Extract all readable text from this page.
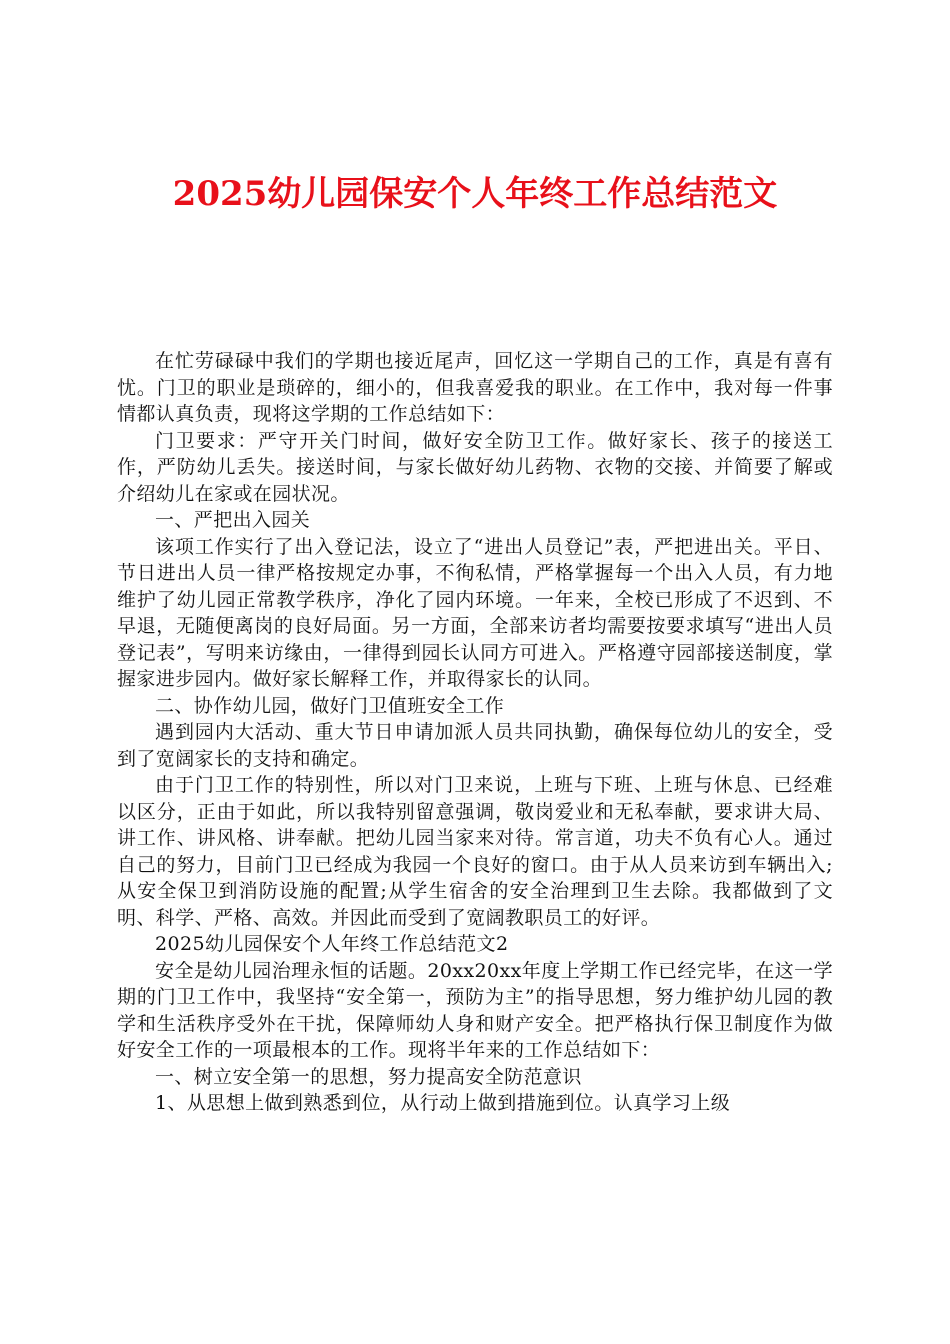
2025幼儿园保安个人年终工作总结范文

在忙劳碌碌中我们的学期也接近尾声，回忆这一学期自己的工作，真是有喜有忧。门卫的职业是琐碎的，细小的，但我喜爱我的职业。在工作中，我对每一件事情都认真负责，现将这学期的工作总结如下：

门卫要求：严守开关门时间，做好安全防卫工作。做好家长、孩子的接送工作，严防幼儿丢失。接送时间，与家长做好幼儿药物、衣物的交接、并简要了解或介绍幼儿在家或在园状况。

一、严把出入园关

该项工作实行了出入登记法，设立了“进出人员登记”表，严把进出关。平日、节日进出人员一律严格按规定办事，不徇私情，严格掌握每一个出入人员，有力地维护了幼儿园正常教学秩序，净化了园内环境。一年来，全校已形成了不迟到、不早退，无随便离岗的良好局面。另一方面，全部来访者均需要按要求填写“进出人员登记表”，写明来访缘由，一律得到园长认同方可进入。严格遵守园部接送制度，掌握家进步园内。做好家长解释工作，并取得家长的认同。

二、协作幼儿园，做好门卫值班安全工作

遇到园内大活动、重大节日申请加派人员共同执勤，确保每位幼儿的安全，受到了宽阔家长的支持和确定。

由于门卫工作的特别性，所以对门卫来说，上班与下班、上班与休息、已经难以区分，正由于如此，所以我特别留意强调，敬岗爱业和无私奉献，要求讲大局、讲工作、讲风格、讲奉献。把幼儿园当家来对待。常言道，功夫不负有心人。通过自己的努力，目前门卫已经成为我园一个良好的窗口。由于从人员来访到车辆出入;从安全保卫到消防设施的配置;从学生宿舍的安全治理到卫生去除。我都做到了文明、科学、严格、高效。并因此而受到了宽阔教职员工的好评。

2025幼儿园保安个人年终工作总结范文2

安全是幼儿园治理永恒的话题。20xx20xx年度上学期工作已经完毕，在这一学期的门卫工作中，我坚持“安全第一，预防为主”的指导思想，努力维护幼儿园的教学和生活秩序受外在干扰，保障师幼人身和财产安全。把严格执行保卫制度作为做好安全工作的一项最根本的工作。现将半年来的工作总结如下：

一、树立安全第一的思想，努力提高安全防范意识

1、从思想上做到熟悉到位，从行动上做到措施到位。认真学习上级
